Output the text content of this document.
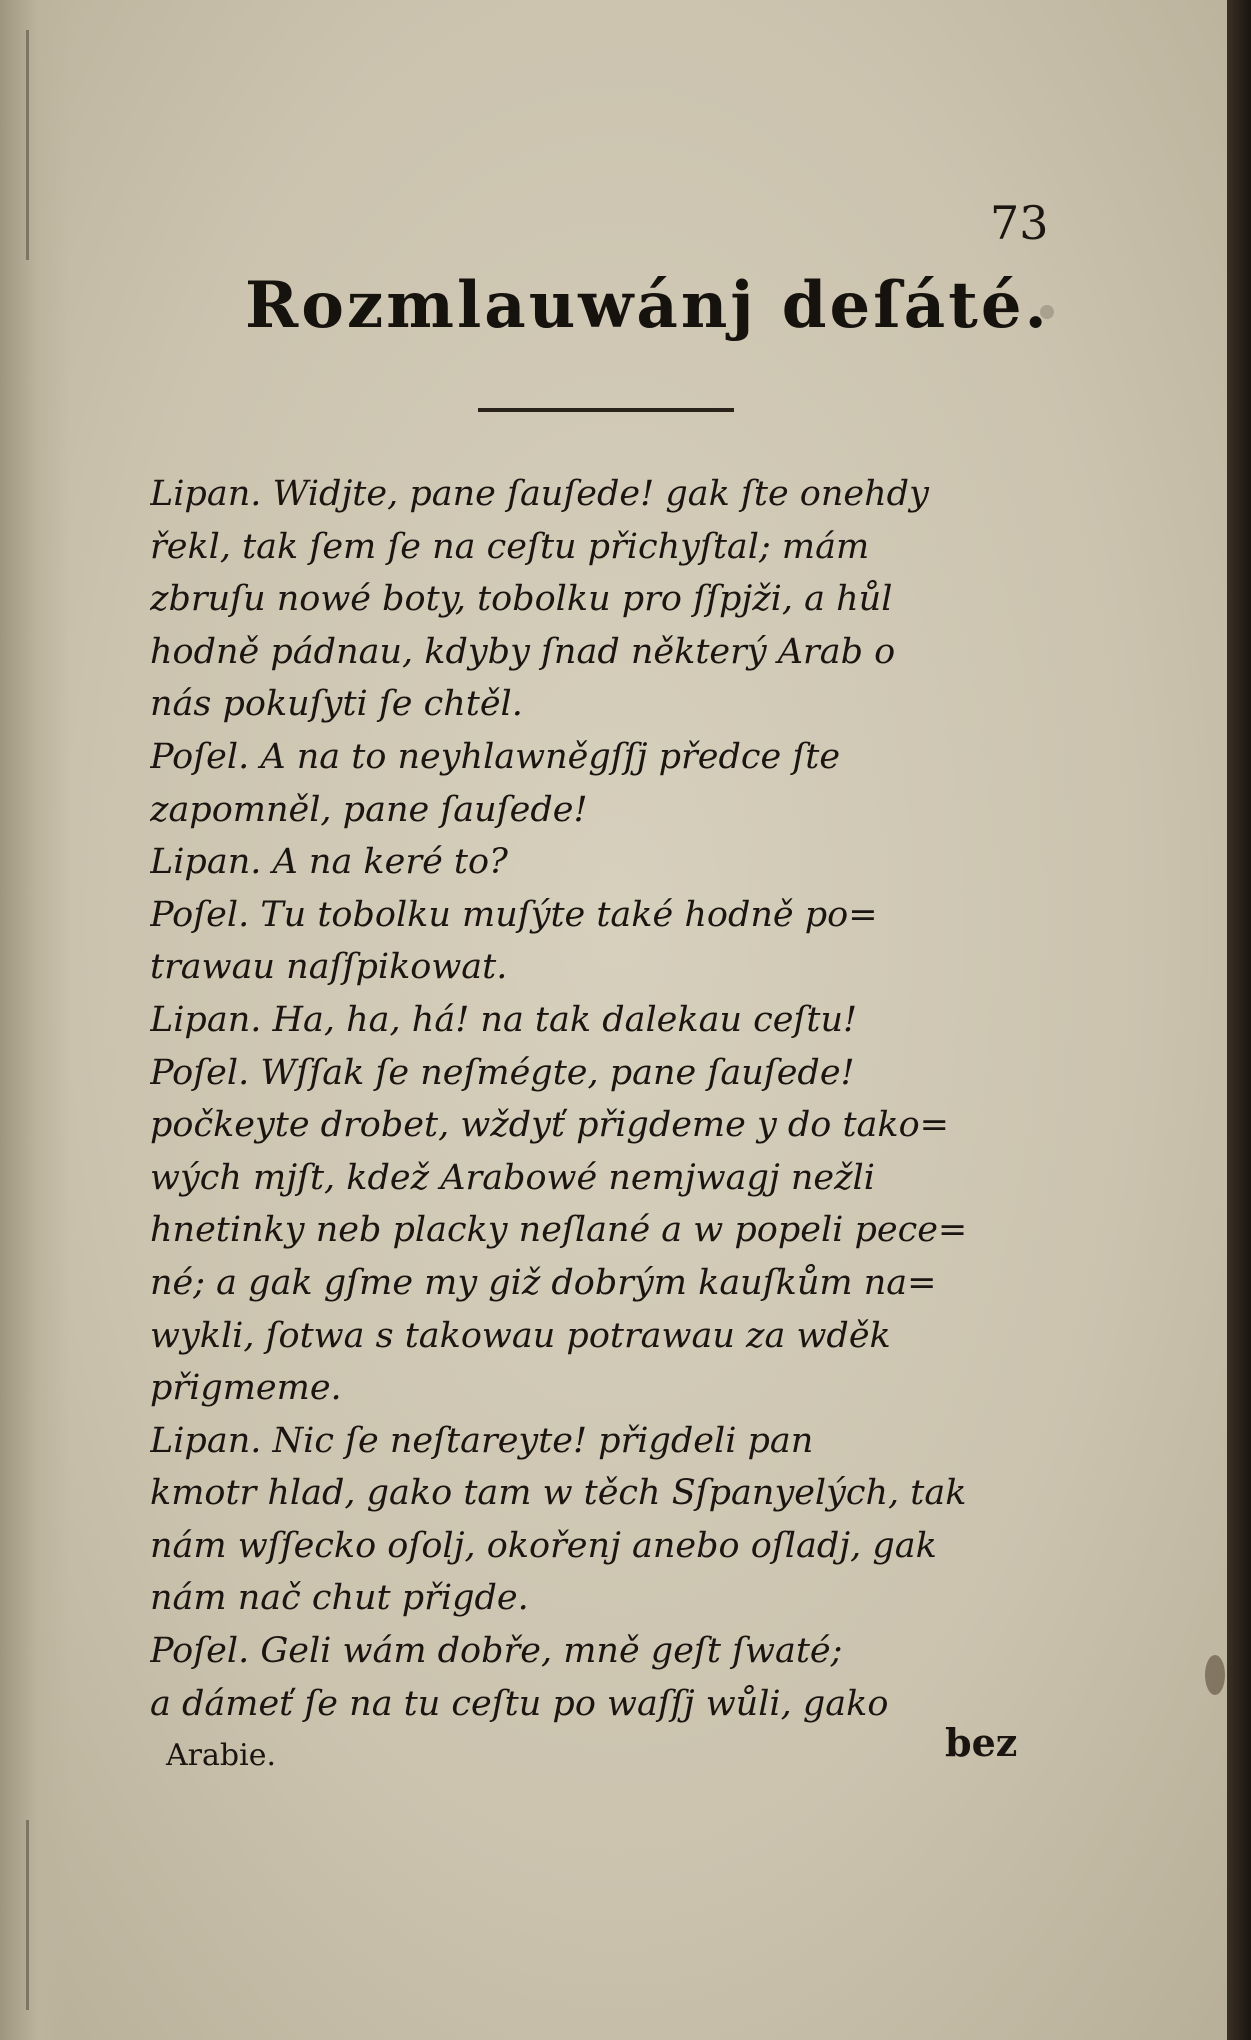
73
Rozmlauwánj deſáté.
Lipan. Widjte, pane ſauſede! gak ſte onehdy
řekl, tak ſem ſe na ceſtu přichyſtal; mám
zbruſu nowé boty, tobolku pro ſſpjži, a hůl
hodně pádnau, kdyby ſnad některý Arab o
nás pokuſyti ſe chtěl.
Poſel. A na to neyhlawněgſſj předce ſte
zapomněl, pane ſauſede!
Lipan. A na keré to?
Poſel. Tu tobolku muſýte také hodně po=
trawau naſſpikowat.
Lipan. Ha, ha, há! na tak dalekau ceſtu!
Poſel. Wſſak ſe neſmégte, pane ſauſede!
počkeyte drobet, wždyť přigdeme y do tako=
wých mjſt, kdež Arabowé nemjwagj nežli
hnetinky neb placky neſlané a w popeli pece=
né; a gak gſme my giž dobrým kauſkům na=
wykli, ſotwa s takowau potrawau za wděk
přigmeme.
Lipan. Nic ſe neſtareyte! přigdeli pan
kmotr hlad, gako tam w těch Sſpanyelých, tak
nám wſſecko oſolj, okořenj anebo oſladj, gak
nám nač chut přigde.
Poſel. Geli wám dobře, mně geſt ſwaté;
a dámeť ſe na tu ceſtu po waſſj wůli, gako
Arabie.	bez
